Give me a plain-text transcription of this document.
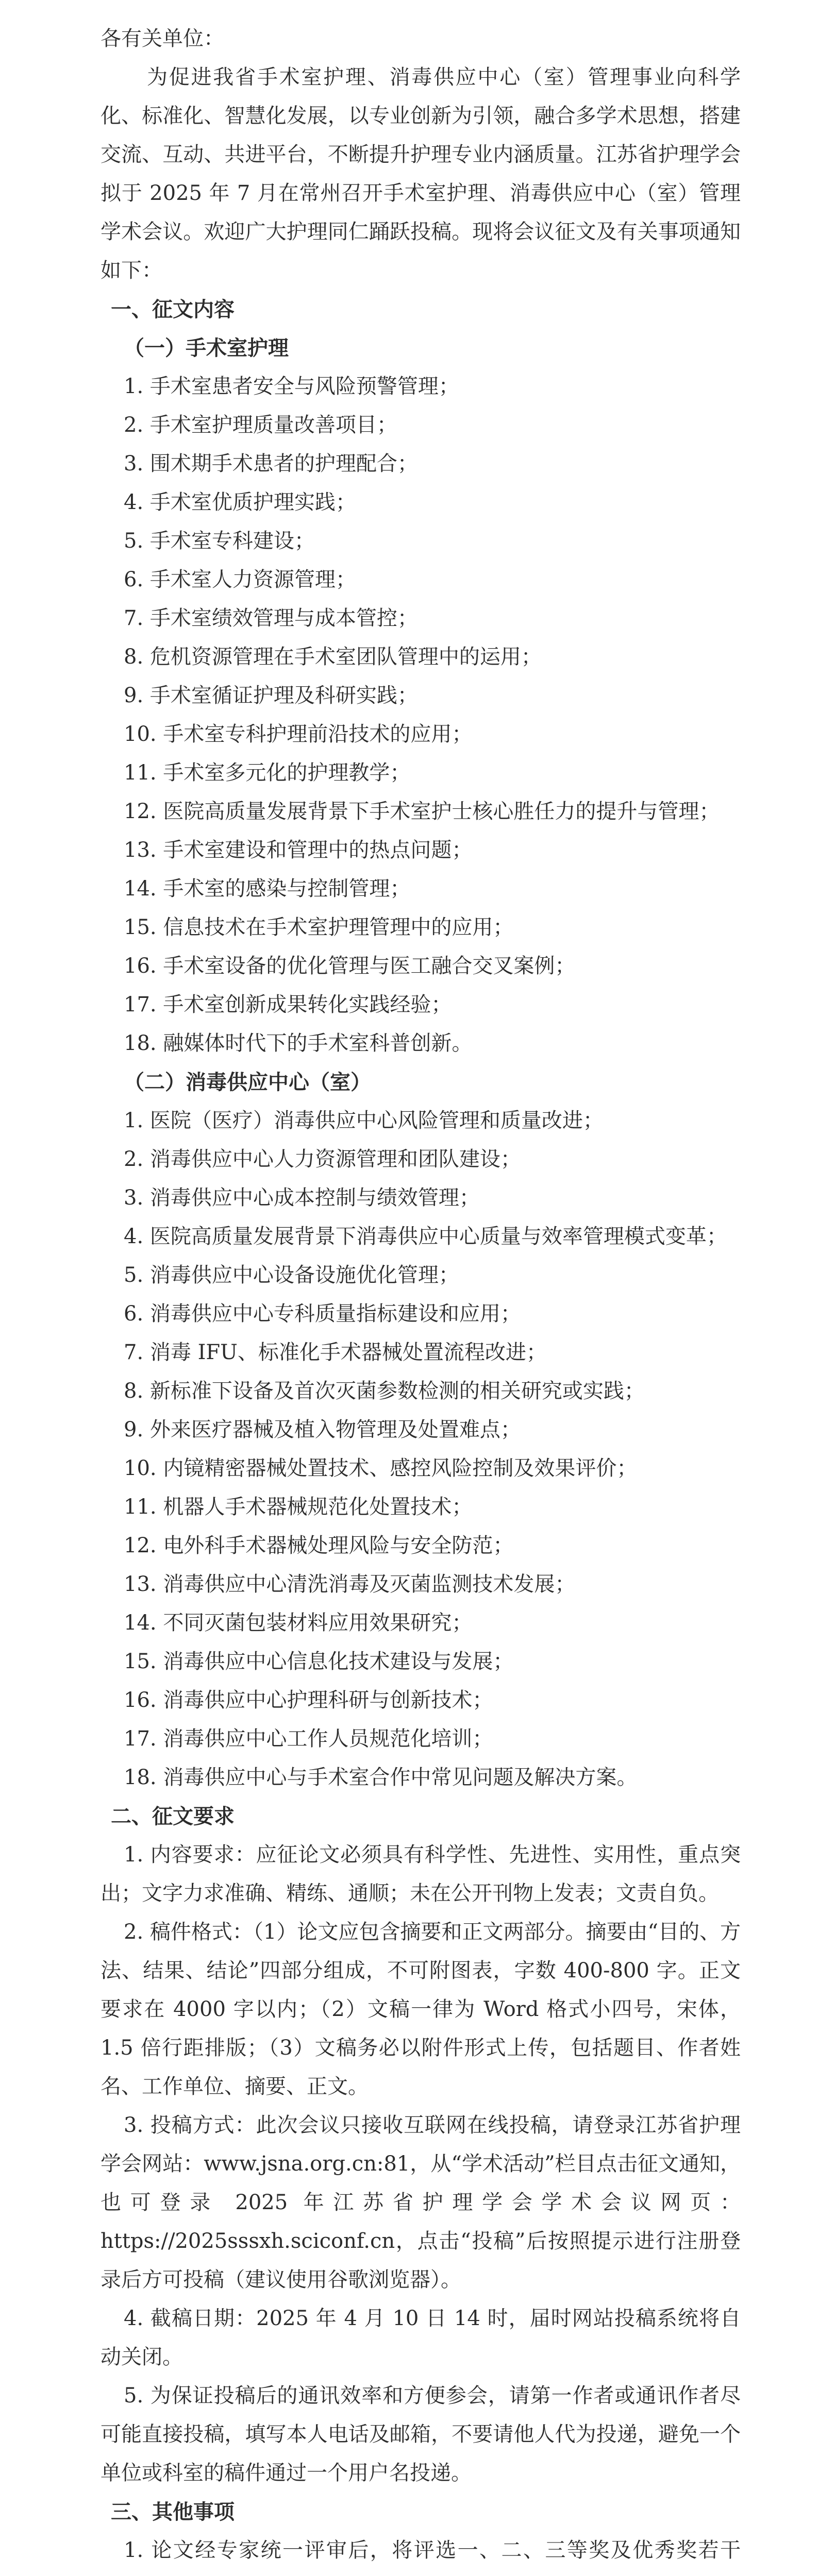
各有关单位：

为促进我省手术室护理、消毒供应中心（室）管理事业向科学化、标准化、智慧化发展，以专业创新为引领，融合多学术思想，搭建交流、互动、共进平台，不断提升护理专业内涵质量。江苏省护理学会拟于 2025 年 7 月在常州召开手术室护理、消毒供应中心（室）管理学术会议。欢迎广大护理同仁踊跃投稿。现将会议征文及有关事项通知如下：

一、征文内容

（一）手术室护理

1. 手术室患者安全与风险预警管理；
2. 手术室护理质量改善项目；
3. 围术期手术患者的护理配合；
4. 手术室优质护理实践；
5. 手术室专科建设；
6. 手术室人力资源管理；
7. 手术室绩效管理与成本管控；
8. 危机资源管理在手术室团队管理中的运用；
9. 手术室循证护理及科研实践；
10. 手术室专科护理前沿技术的应用；
11. 手术室多元化的护理教学；
12. 医院高质量发展背景下手术室护士核心胜任力的提升与管理；
13. 手术室建设和管理中的热点问题；
14. 手术室的感染与控制管理；
15. 信息技术在手术室护理管理中的应用；
16. 手术室设备的优化管理与医工融合交叉案例；
17. 手术室创新成果转化实践经验；
18. 融媒体时代下的手术室科普创新。

（二）消毒供应中心（室）

1. 医院（医疗）消毒供应中心风险管理和质量改进；
2. 消毒供应中心人力资源管理和团队建设；
3. 消毒供应中心成本控制与绩效管理；
4. 医院高质量发展背景下消毒供应中心质量与效率管理模式变革；
5. 消毒供应中心设备设施优化管理；
6. 消毒供应中心专科质量指标建设和应用；
7. 消毒 IFU、标准化手术器械处置流程改进；
8. 新标准下设备及首次灭菌参数检测的相关研究或实践；
9. 外来医疗器械及植入物管理及处置难点；
10. 内镜精密器械处置技术、感控风险控制及效果评价；
11. 机器人手术器械规范化处置技术；
12. 电外科手术器械处理风险与安全防范；
13. 消毒供应中心清洗消毒及灭菌监测技术发展；
14. 不同灭菌包装材料应用效果研究；
15. 消毒供应中心信息化技术建设与发展；
16. 消毒供应中心护理科研与创新技术；
17. 消毒供应中心工作人员规范化培训；
18. 消毒供应中心与手术室合作中常见问题及解决方案。

二、征文要求

1. 内容要求：应征论文必须具有科学性、先进性、实用性，重点突出；文字力求准确、精练、通顺；未在公开刊物上发表；文责自负。

2. 稿件格式：（1）论文应包含摘要和正文两部分。摘要由“目的、方法、结果、结论”四部分组成，不可附图表，字数 400-800 字。正文要求在 4000 字以内；（2）文稿一律为 Word 格式小四号，宋体，1.5 倍行距排版；（3）文稿务必以附件形式上传，包括题目、作者姓名、工作单位、摘要、正文。

3. 投稿方式：此次会议只接收互联网在线投稿，请登录江苏省护理学会网站：www.jsna.org.cn:81，从“学术活动”栏目点击征文通知，也可登录 2025 年江苏省护理学会学术会议网页：https://2025sssxh.sciconf.cn，点击“投稿”后按照提示进行注册登录后方可投稿（建议使用谷歌浏览器）。

4. 截稿日期：2025 年 4 月 10 日 14 时，届时网站投稿系统将自动关闭。

5. 为保证投稿后的通讯效率和方便参会，请第一作者或通讯作者尽可能直接投稿，填写本人电话及邮箱，不要请他人代为投递，避免一个单位或科室的稿件通过一个用户名投递。

三、其他事项

1. 论文经专家统一评审后，将评选一、二、三等奖及优秀奖若干
